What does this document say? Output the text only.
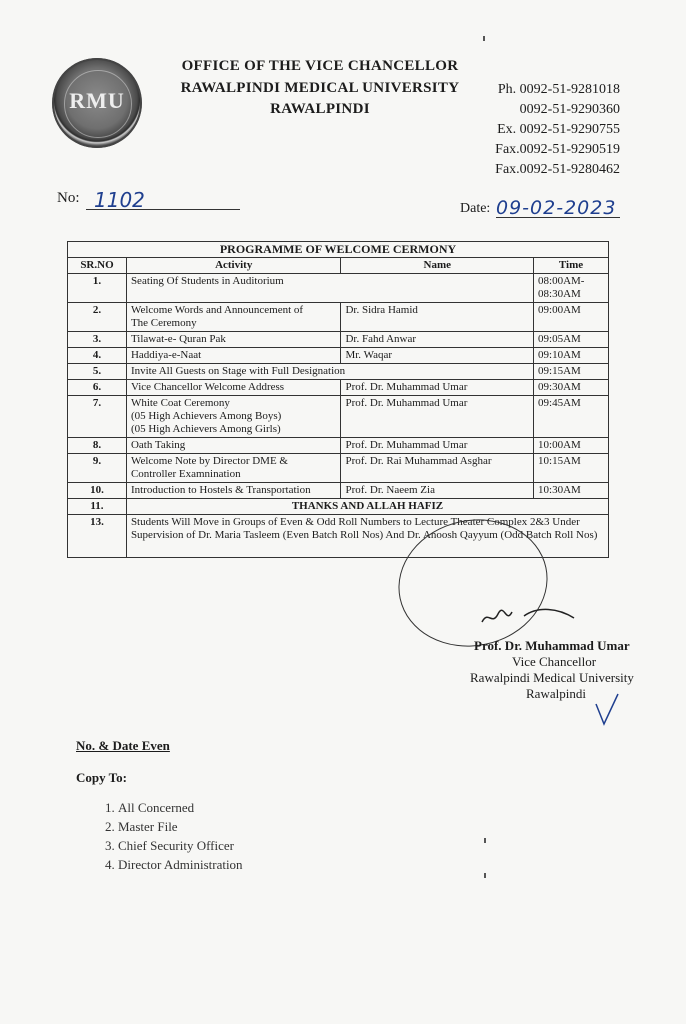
RMU
OFFICE OF THE VICE CHANCELLOR
RAWALPINDI MEDICAL UNIVERSITY
RAWALPINDI
Ph. 0092-51-9281018
0092-51-9290360
Ex. 0092-51-9290755
Fax.0092-51-9290519
Fax.0092-51-9280462
No: 1102	Date: 09-02-2023
PROGRAMME OF WELCOME CERMONY			
SR.NO	Activity	Name	Time
1.	Seating Of Students in Auditorium		08:00AM-
08:30AM
2.	Welcome Words and Announcement of
The Ceremony	Dr. Sidra Hamid	09:00AM
3.	Tilawat-e- Quran Pak	Dr. Fahd Anwar	09:05AM
4.	Haddiya-e-Naat	Mr. Waqar	09:10AM
5.	Invite All Guests on Stage with Full Designation		09:15AM
6.	Vice Chancellor Welcome Address	Prof. Dr. Muhammad Umar	09:30AM
7.	White Coat Ceremony
(05 High Achievers Among Boys)
(05 High Achievers Among Girls)	Prof. Dr. Muhammad Umar	09:45AM
8.	Oath Taking	Prof. Dr. Muhammad Umar	10:00AM
9.	Welcome Note by Director DME &
Controller Examnination	Prof. Dr. Rai Muhammad Asghar	10:15AM
10.	Introduction to Hostels & Transportation	Prof. Dr. Naeem Zia	10:30AM
11.	THANKS AND ALLAH HAFIZ		
13.	Students Will Move in Groups of Even & Odd Roll Numbers to Lecture Theater Complex 2&3 Under Supervision of Dr. Maria Tasleem (Even Batch Roll Nos) And Dr. Anoosh Qayyum (Odd Batch Roll Nos)		
Prof. Dr. Muhammad Umar
Vice Chancellor
Rawalpindi Medical University
Rawalpindi
No. & Date Even
Copy To:
1. All Concerned
2. Master File
3. Chief Security Officer
4. Director Administration
